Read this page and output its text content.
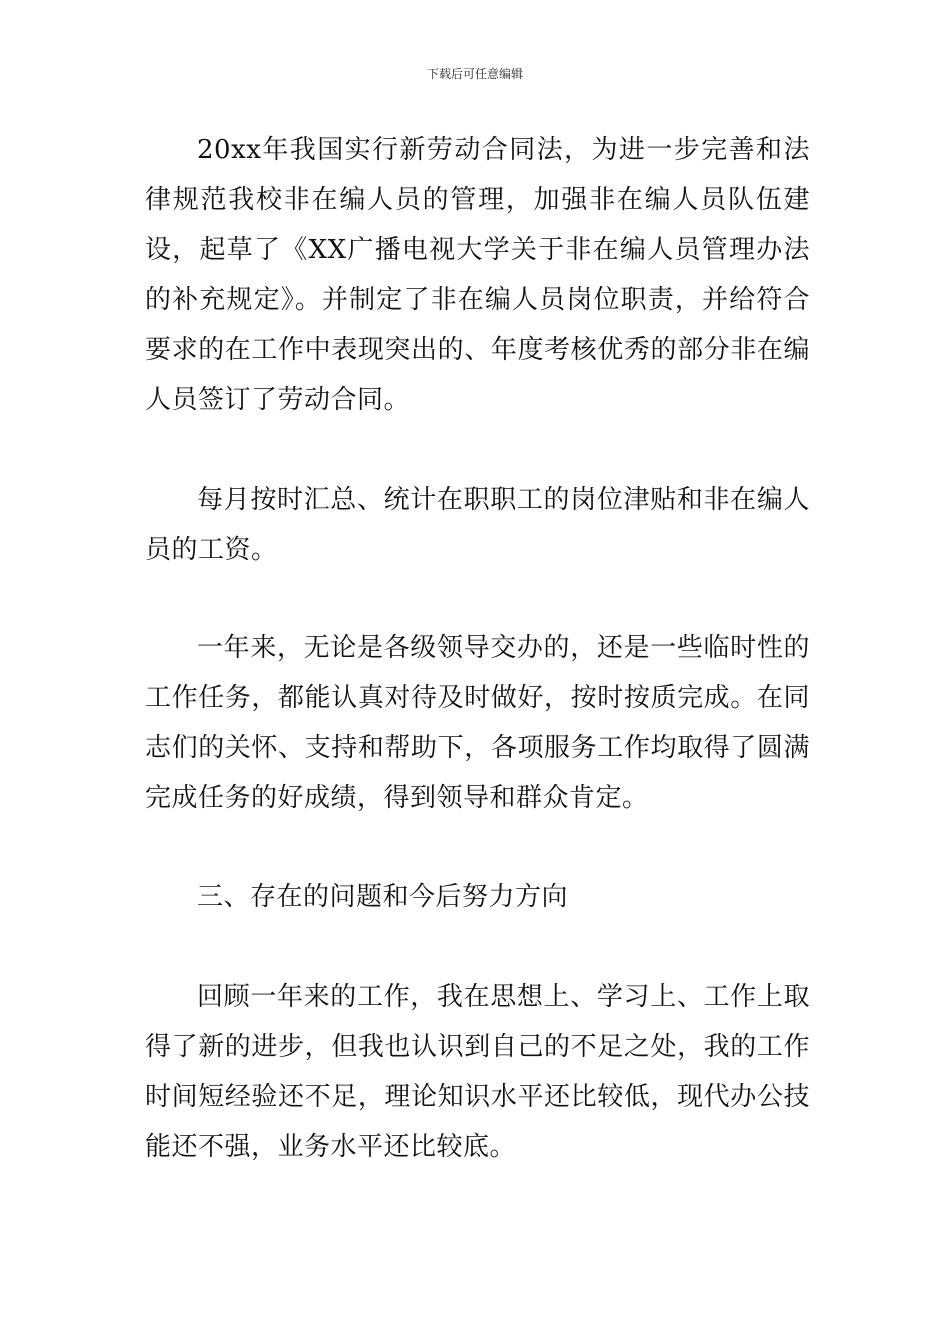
下载后可任意编辑

20xx年我国实行新劳动合同法，为进一步完善和法律规范我校非在编人员的管理，加强非在编人员队伍建设，起草了《XX广播电视大学关于非在编人员管理办法的补充规定》。并制定了非在编人员岗位职责，并给符合要求的在工作中表现突出的、年度考核优秀的部分非在编人员签订了劳动合同。

每月按时汇总、统计在职职工的岗位津贴和非在编人员的工资。

一年来，无论是各级领导交办的，还是一些临时性的工作任务，都能认真对待及时做好，按时按质完成。在同志们的关怀、支持和帮助下，各项服务工作均取得了圆满完成任务的好成绩，得到领导和群众肯定。

三、存在的问题和今后努力方向

回顾一年来的工作，我在思想上、学习上、工作上取得了新的进步，但我也认识到自己的不足之处，我的工作时间短经验还不足，理论知识水平还比较低，现代办公技能还不强，业务水平还比较底。
